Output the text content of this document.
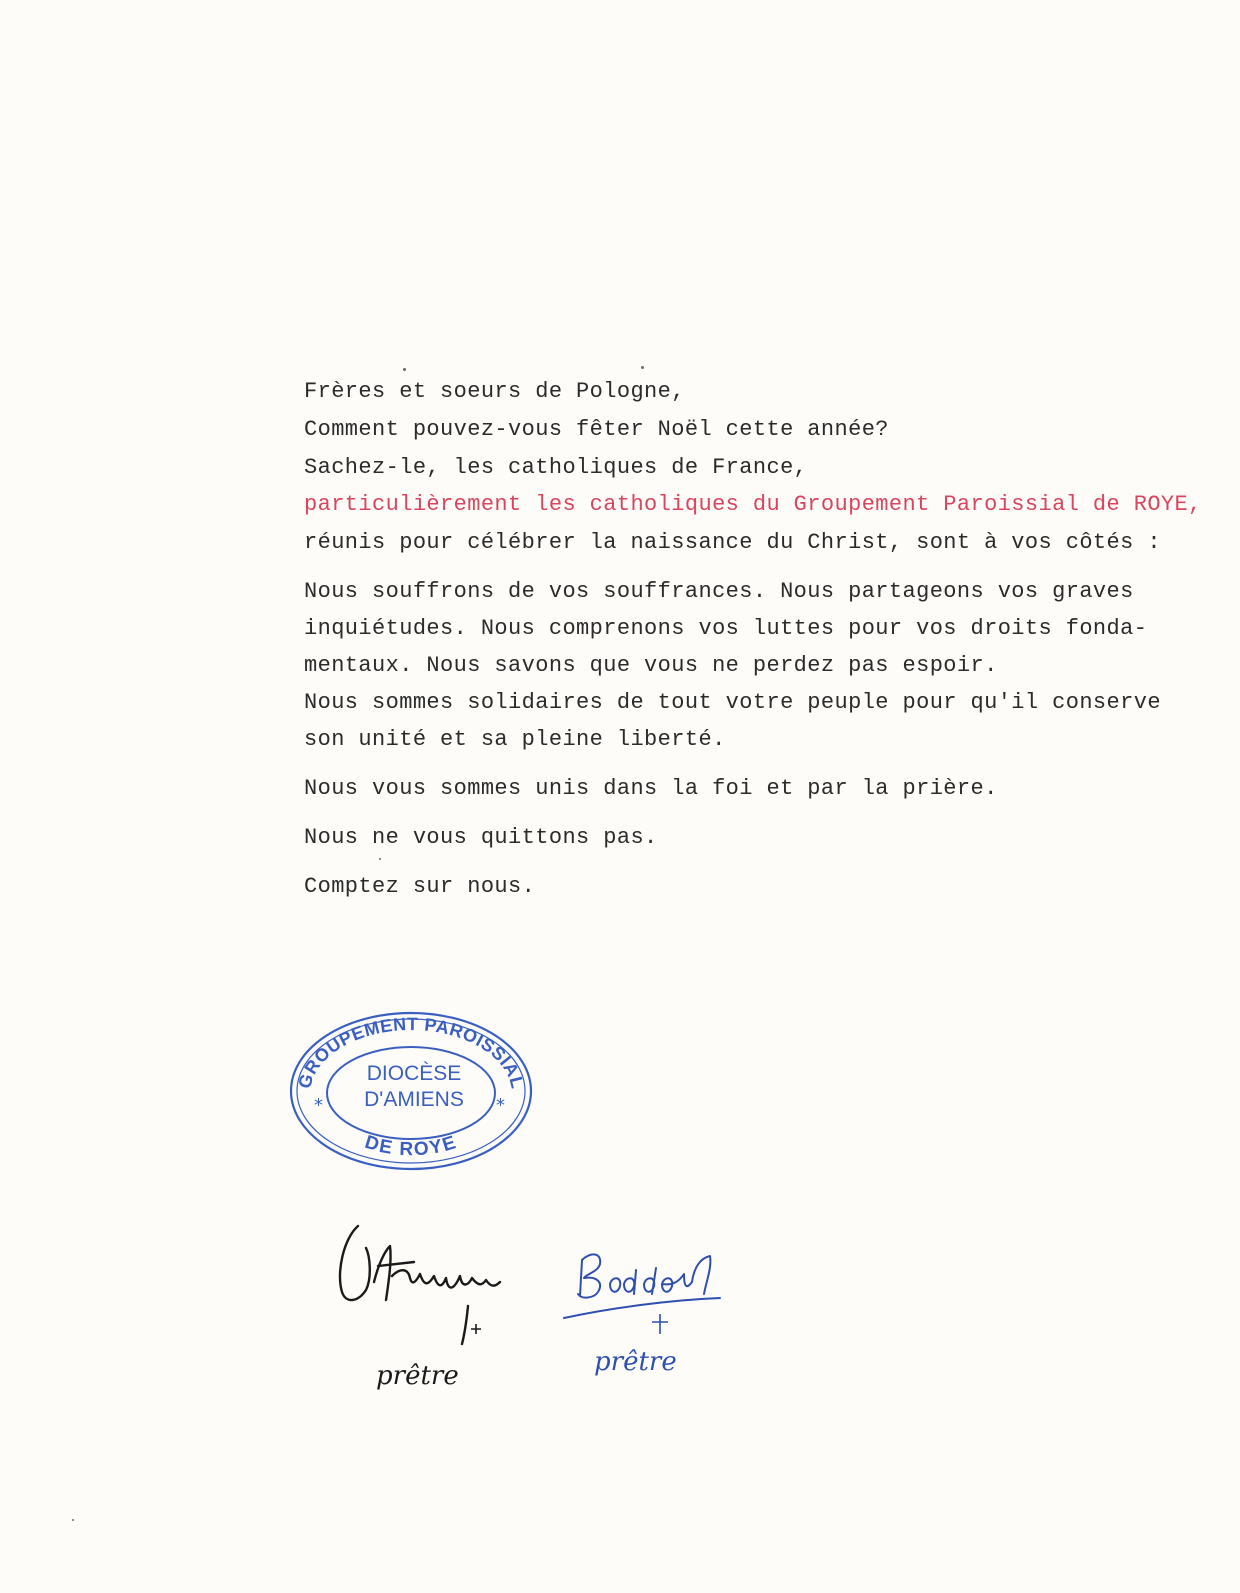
Frères et soeurs de Pologne,
Comment pouvez-vous fêter Noël cette année?
Sachez-le, les catholiques de France,
particulièrement les catholiques du Groupement Paroissial de ROYE,
réunis pour célébrer la naissance du Christ, sont à vos côtés :
Nous souffrons de vos souffrances. Nous partageons vos graves
inquiétudes. Nous comprenons vos luttes pour vos droits fonda-
mentaux. Nous savons que vous ne perdez pas espoir.
Nous sommes solidaires de tout votre peuple pour qu'il conserve
son unité et sa pleine liberté.
Nous vous sommes unis dans la foi et par la prière.
Nous ne vous quittons pas.
Comptez sur nous.
GROUPEMENT PAROISSIAL
DE ROYE
DIOCÈSE
D'AMIENS
*	*
prêtre	prêtre
